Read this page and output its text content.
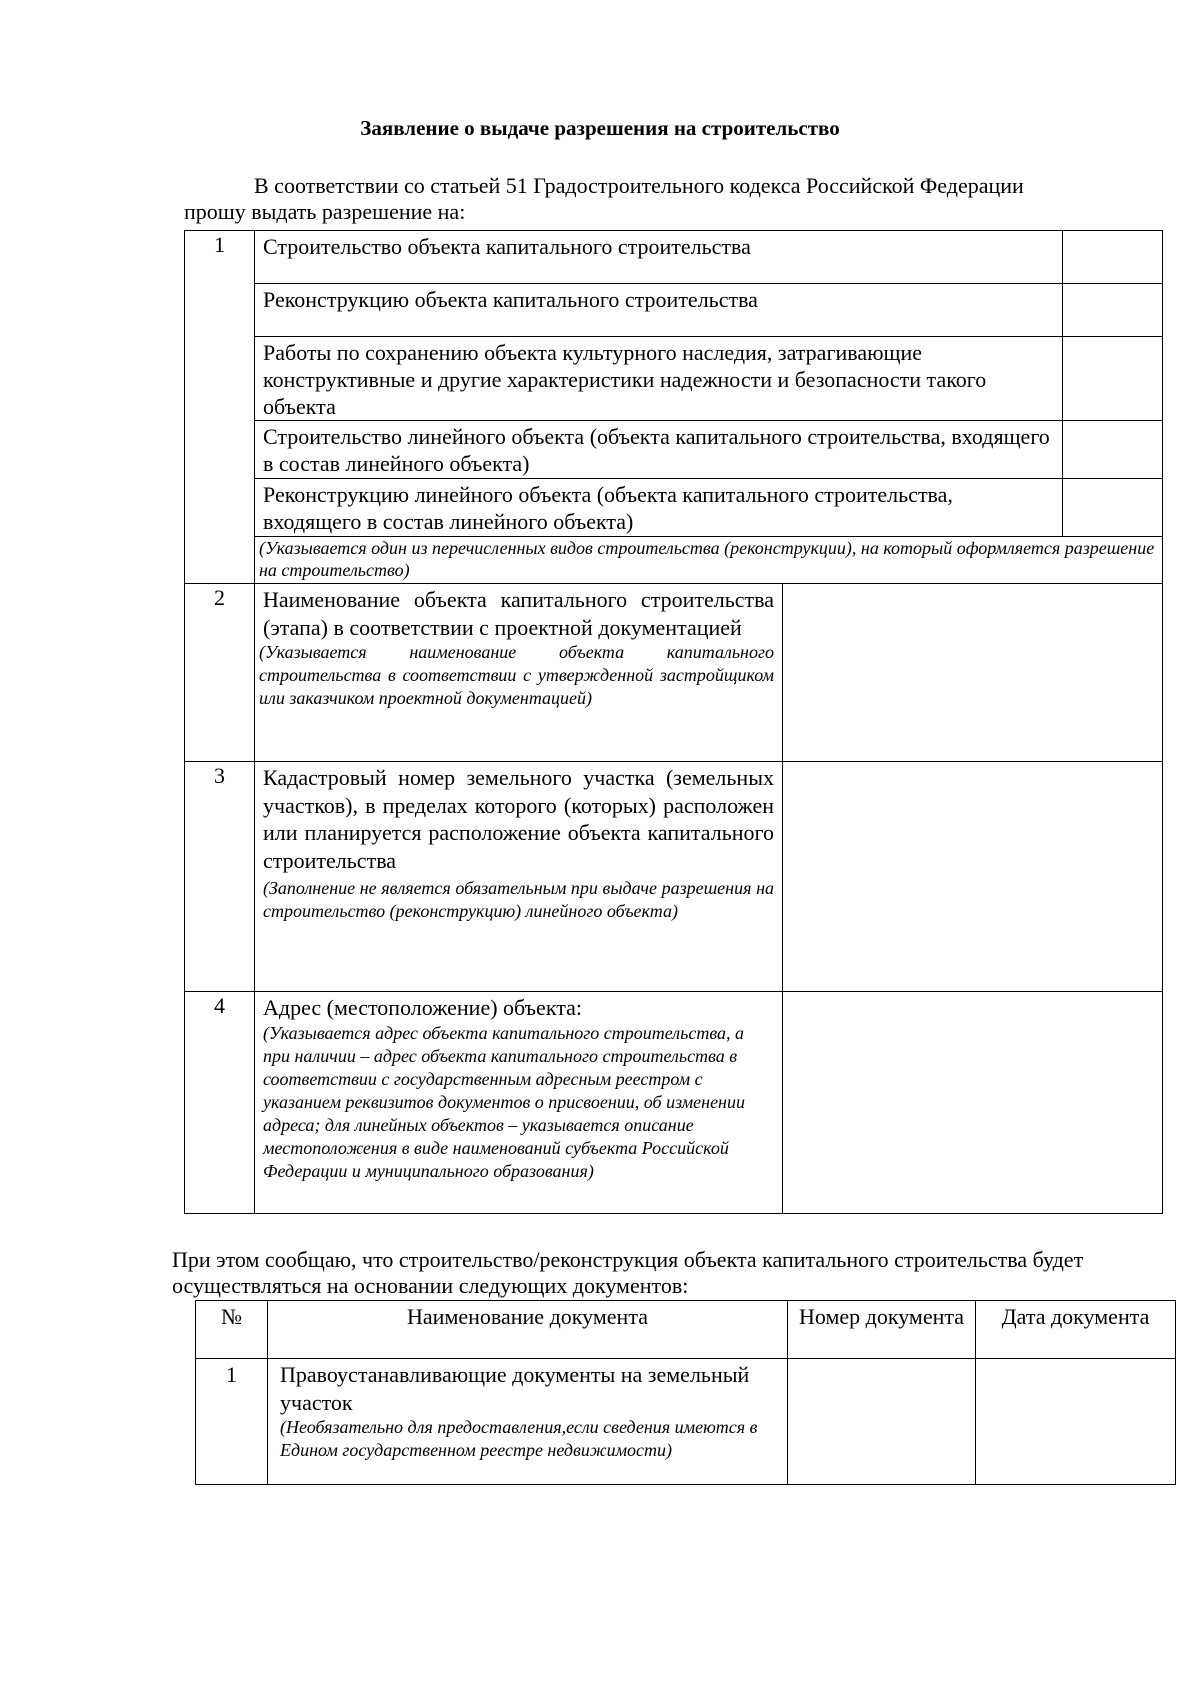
Заявление о выдаче разрешения на строительство
В соответствии со статьей 51 Градостроительного кодекса Российской Федерации
прошу выдать разрешение на:
1	Строительство объекта капитального строительства		
	Реконструкцию объекта капитального строительства		
	Работы по сохранению объекта культурного наследия, затрагивающие конструктивные и другие характеристики надежности и безопасности такого объекта		
	Строительство линейного объекта (объекта капитального строительства, входящего в состав линейного объекта)		
	Реконструкцию линейного объекта (объекта капитального строительства, входящего в состав линейного объекта)		
	(Указывается один из перечисленных видов строительства (реконструкции), на который оформляется разрешение на строительство)		
2	Наименование объекта капитального строительства (этапа) в соответствии с проектной документацией
(Указывается наименование объекта капитального строительства в соответствии с утвержденной застройщиком или заказчиком проектной документацией)		

3	Кадастровый номер земельного участка (земельных участков), в пределах которого (которых) расположен или планируется расположение объекта капитального строительства
(Заполнение не является обязательным при выдаче разрешения на строительство (реконструкцию) линейного объекта)		

4	Адрес (местоположение) объекта:
(Указывается адрес объекта капитального строительства, а при наличии – адрес объекта капитального строительства в соответствии с государственным адресным реестром с указанием реквизитов документов о присвоении, об изменении адреса; для линейных объектов – указывается описание местоположения в виде наименований субъекта Российской Федерации и муниципального образования)		

При этом сообщаю, что строительство/реконструкция объекта капитального строительства будет осуществляться на основании следующих документов:
№	Наименование документа	Номер документа	Дата документа
1	Правоустанавливающие документы на земельный участок
(Необязательно для предоставления,если сведения имеются в Едином государственном реестре недвижимости)		
